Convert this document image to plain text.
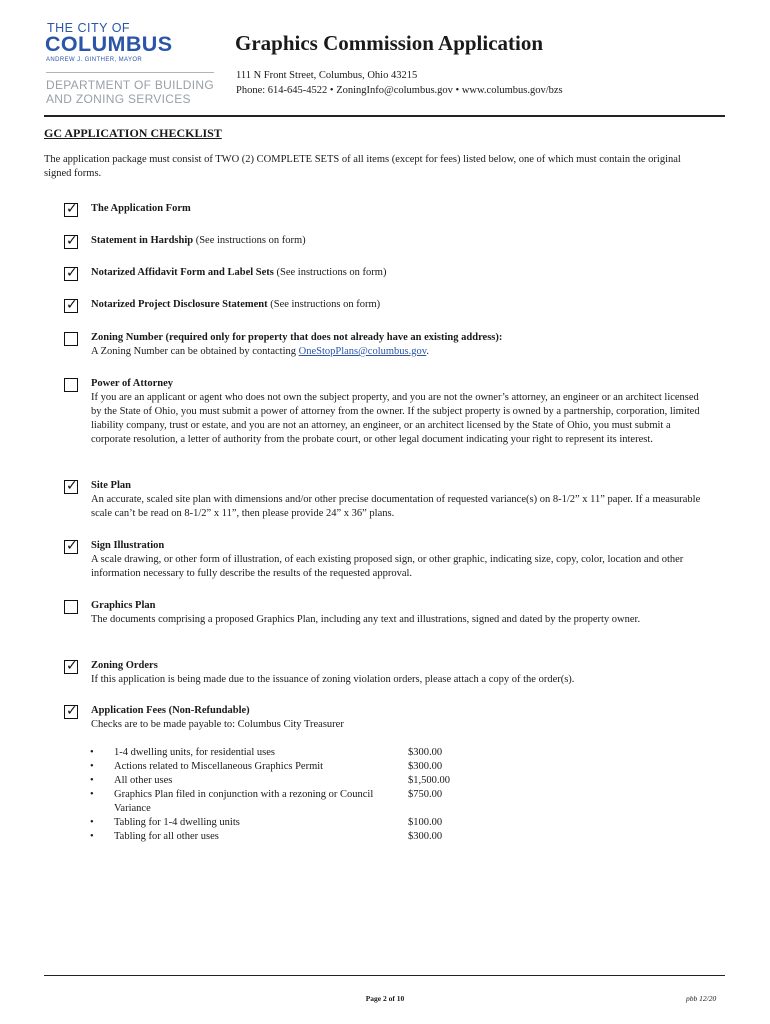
THE CITY OF
COLUMBUS
ANDREW J. GINTHER, MAYOR
DEPARTMENT OF BUILDING
AND ZONING SERVICES
Graphics Commission Application
111 N Front Street, Columbus, Ohio 43215
Phone: 614-645-4522 • ZoningInfo@columbus.gov • www.columbus.gov/bzs
GC APPLICATION CHECKLIST
The application package must consist of TWO (2) COMPLETE SETS of all items (except for fees) listed below, one of which must contain the original signed forms.
✓ The Application Form
✓ Statement in Hardship (See instructions on form)
✓ Notarized Affidavit Form and Label Sets (See instructions on form)
✓ Notarized Project Disclosure Statement (See instructions on form)
Zoning Number (required only for property that does not already have an existing address):
A Zoning Number can be obtained by contacting OneStopPlans@columbus.gov.
Power of Attorney
If you are an applicant or agent who does not own the subject property, and you are not the owner’s attorney, an engineer or an architect licensed by the State of Ohio, you must submit a power of attorney from the owner. If the subject property is owned by a partnership, corporation, limited liability company, trust or estate, and you are not an attorney, an engineer, or an architect licensed by the State of Ohio, you must submit a corporate resolution, a letter of authority from the probate court, or other legal document indicating your right to represent its interest.
✓ Site Plan
An accurate, scaled site plan with dimensions and/or other precise documentation of requested variance(s) on 8-1/2” x 11” paper. If a measurable scale can’t be read on 8-1/2” x 11”, then please provide 24” x 36” plans.
✓ Sign Illustration
A scale drawing, or other form of illustration, of each existing proposed sign, or other graphic, indicating size, copy, color, location and other information necessary to fully describe the results of the requested approval.
Graphics Plan
The documents comprising a proposed Graphics Plan, including any text and illustrations, signed and dated by the property owner.
✓ Zoning Orders
If this application is being made due to the issuance of zoning violation orders, please attach a copy of the order(s).
✓ Application Fees (Non-Refundable)
Checks are to be made payable to: Columbus City Treasurer
• 1-4 dwelling units, for residential uses	$300.00
• Actions related to Miscellaneous Graphics Permit	$300.00
• All other uses	$1,500.00
• Graphics Plan filed in conjunction with a rezoning or Council Variance
$750.00
• Tabling for 1-4 dwelling units	$100.00
• Tabling for all other uses	$300.00
Page 2 of 10	pbb 12/20
